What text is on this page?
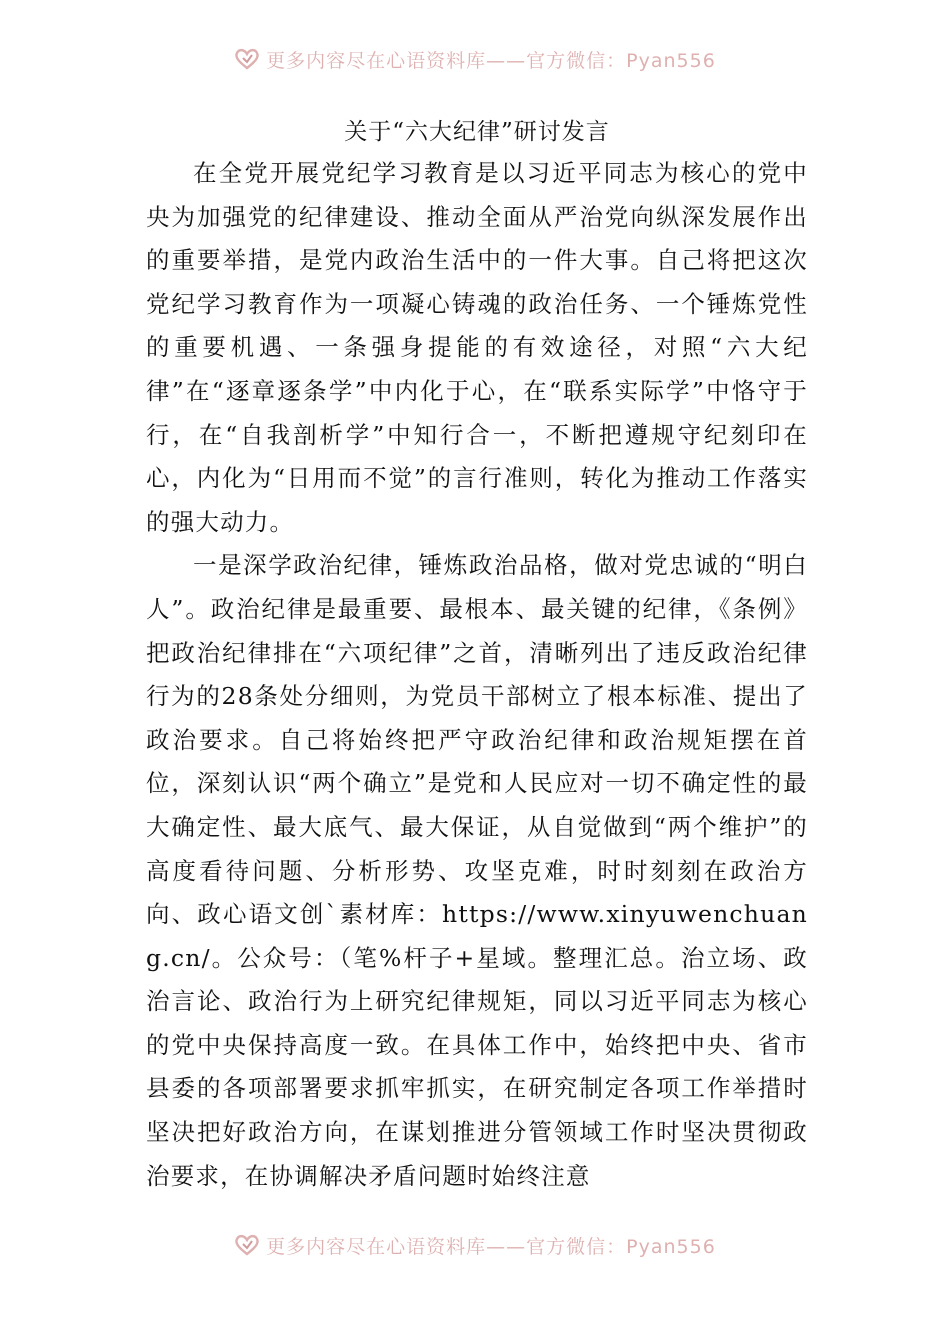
更多内容尽在心语资料库——官方微信：Pyan556
关于“六大纪律”研讨发言

在全党开展党纪学习教育是以习近平同志为核心的党中央为加强党的纪律建设、推动全面从严治党向纵深发展作出的重要举措，是党内政治生活中的一件大事。自己将把这次党纪学习教育作为一项凝心铸魂的政治任务、一个锤炼党性的重要机遇、一条强身提能的有效途径，对照“六大纪律”在“逐章逐条学”中内化于心，在“联系实际学”中恪守于行，在“自我剖析学”中知行合一，不断把遵规守纪刻印在心，内化为“日用而不觉”的言行准则，转化为推动工作落实的强大动力。

一是深学政治纪律，锤炼政治品格，做对党忠诚的“明白人”。政治纪律是最重要、最根本、最关键的纪律，《条例》把政治纪律排在“六项纪律”之首，清晰列出了违反政治纪律行为的28条处分细则，为党员干部树立了根本标准、提出了政治要求。自己将始终把严守政治纪律和政治规矩摆在首位，深刻认识“两个确立”是党和人民应对一切不确定性的最大确定性、最大底气、最大保证，从自觉做到“两个维护”的高度看待问题、分析形势、攻坚克难，时时刻刻在政治方向、政心语文创`素材库：https://www.xinyuwenchuang.cn/。公众号：（笔%杆子+星域。整理汇总。治立场、政治言论、政治行为上研究纪律规矩，同以习近平同志为核心的党中央保持高度一致。在具体工作中，始终把中央、省市县委的各项部署要求抓牢抓实，在研究制定各项工作举措时坚决把好政治方向，在谋划推进分管领域工作时坚决贯彻政治要求，在协调解决矛盾问题时始终注意

更多内容尽在心语资料库——官方微信：Pyan556
